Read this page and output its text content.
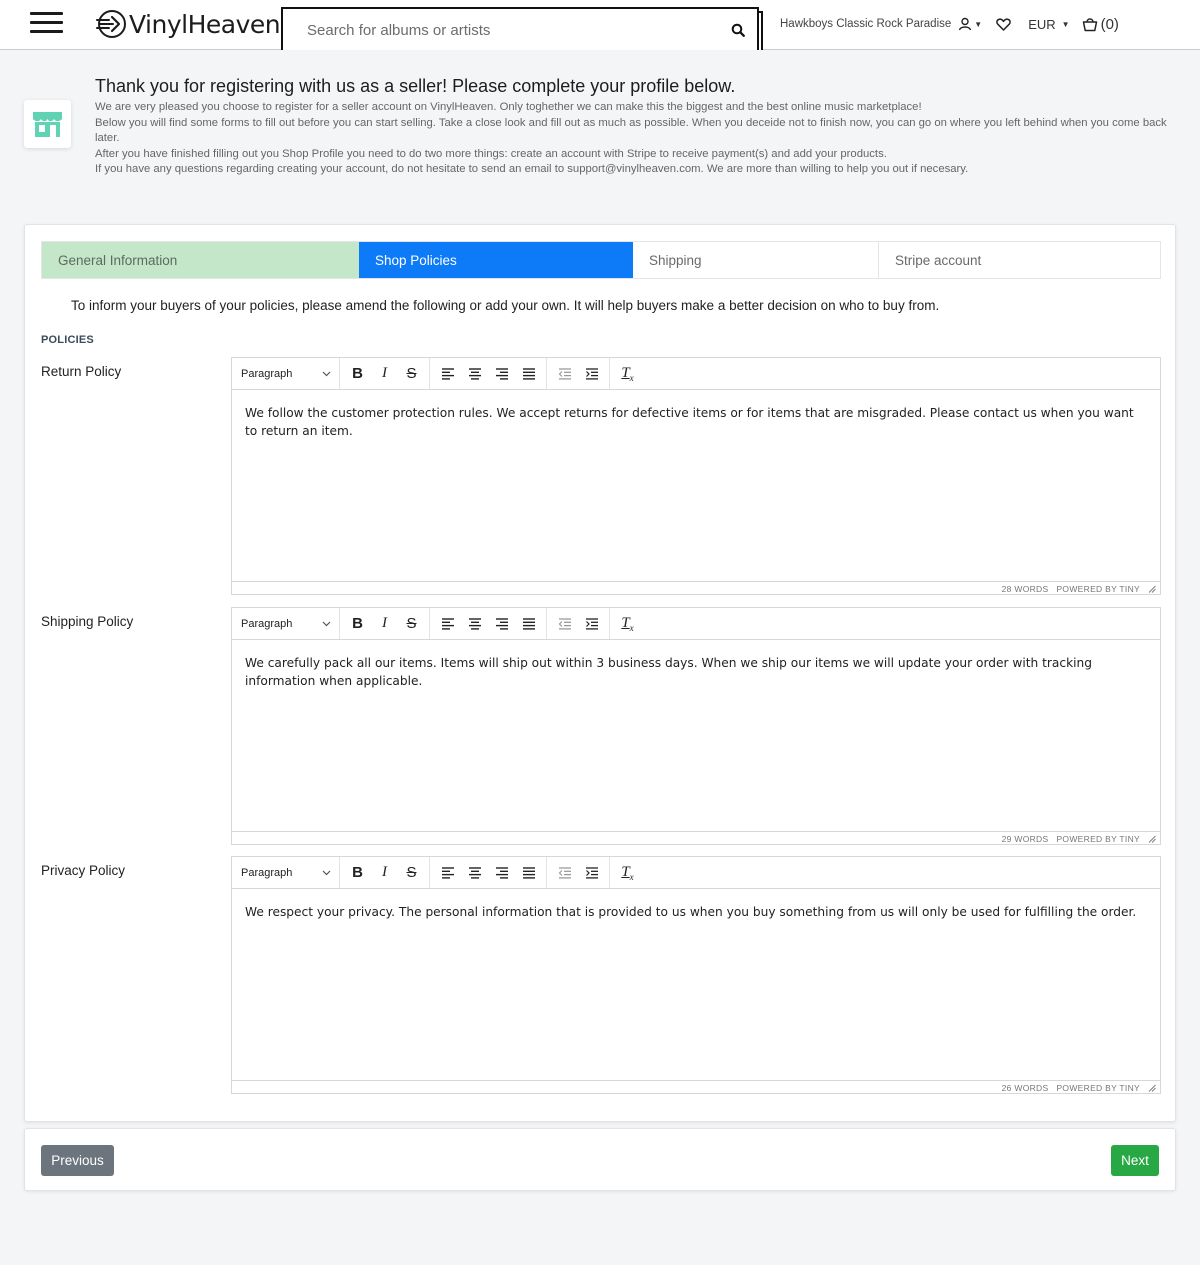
VinylHeaven
Search for albums or artists	Hawkboys Classic Rock Paradise	▼	EUR ▼ (0)
Thank you for registering with us as a seller! Please complete your profile below.

We are very pleased you choose to register for a seller account on VinylHeaven. Only toghether we can make this the biggest and the best online music marketplace!

Below you will find some forms to fill out before you can start selling. Take a close look and fill out as much as possible. When you deceide not to finish now, you can go on where you left behind when you come back later.

After you have finished filling out you Shop Profile you need to do two more things: create an account with Stripe to receive payment(s) and add your products.

If you have any questions regarding creating your account, do not hesitate to send an email to support@vinylheaven.com. We are more than willing to help you out if necesary.

General Information	Shop Policies	Shipping	Stripe account
To inform your buyers of your policies, please amend the following or add your own. It will help buyers make a better decision on who to buy from.
POLICIES
Return Policy	Paragraph	B I S	$T_x$
We follow the customer protection rules. We accept returns for defective items or for items that are misgraded. Please contact us when you want to return an item.
28 WORDS POWERED BY TINY
Shipping Policy	Paragraph	B I S	$T_x$
We carefully pack all our items. Items will ship out within 3 business days. When we ship our items we will update your order with tracking information when applicable.
29 WORDS POWERED BY TINY
Privacy Policy	Paragraph	B I S	$T_x$
We respect your privacy. The personal information that is provided to us when you buy something from us will only be used for fulfilling the order.
26 WORDS POWERED BY TINY
Previous	Next
